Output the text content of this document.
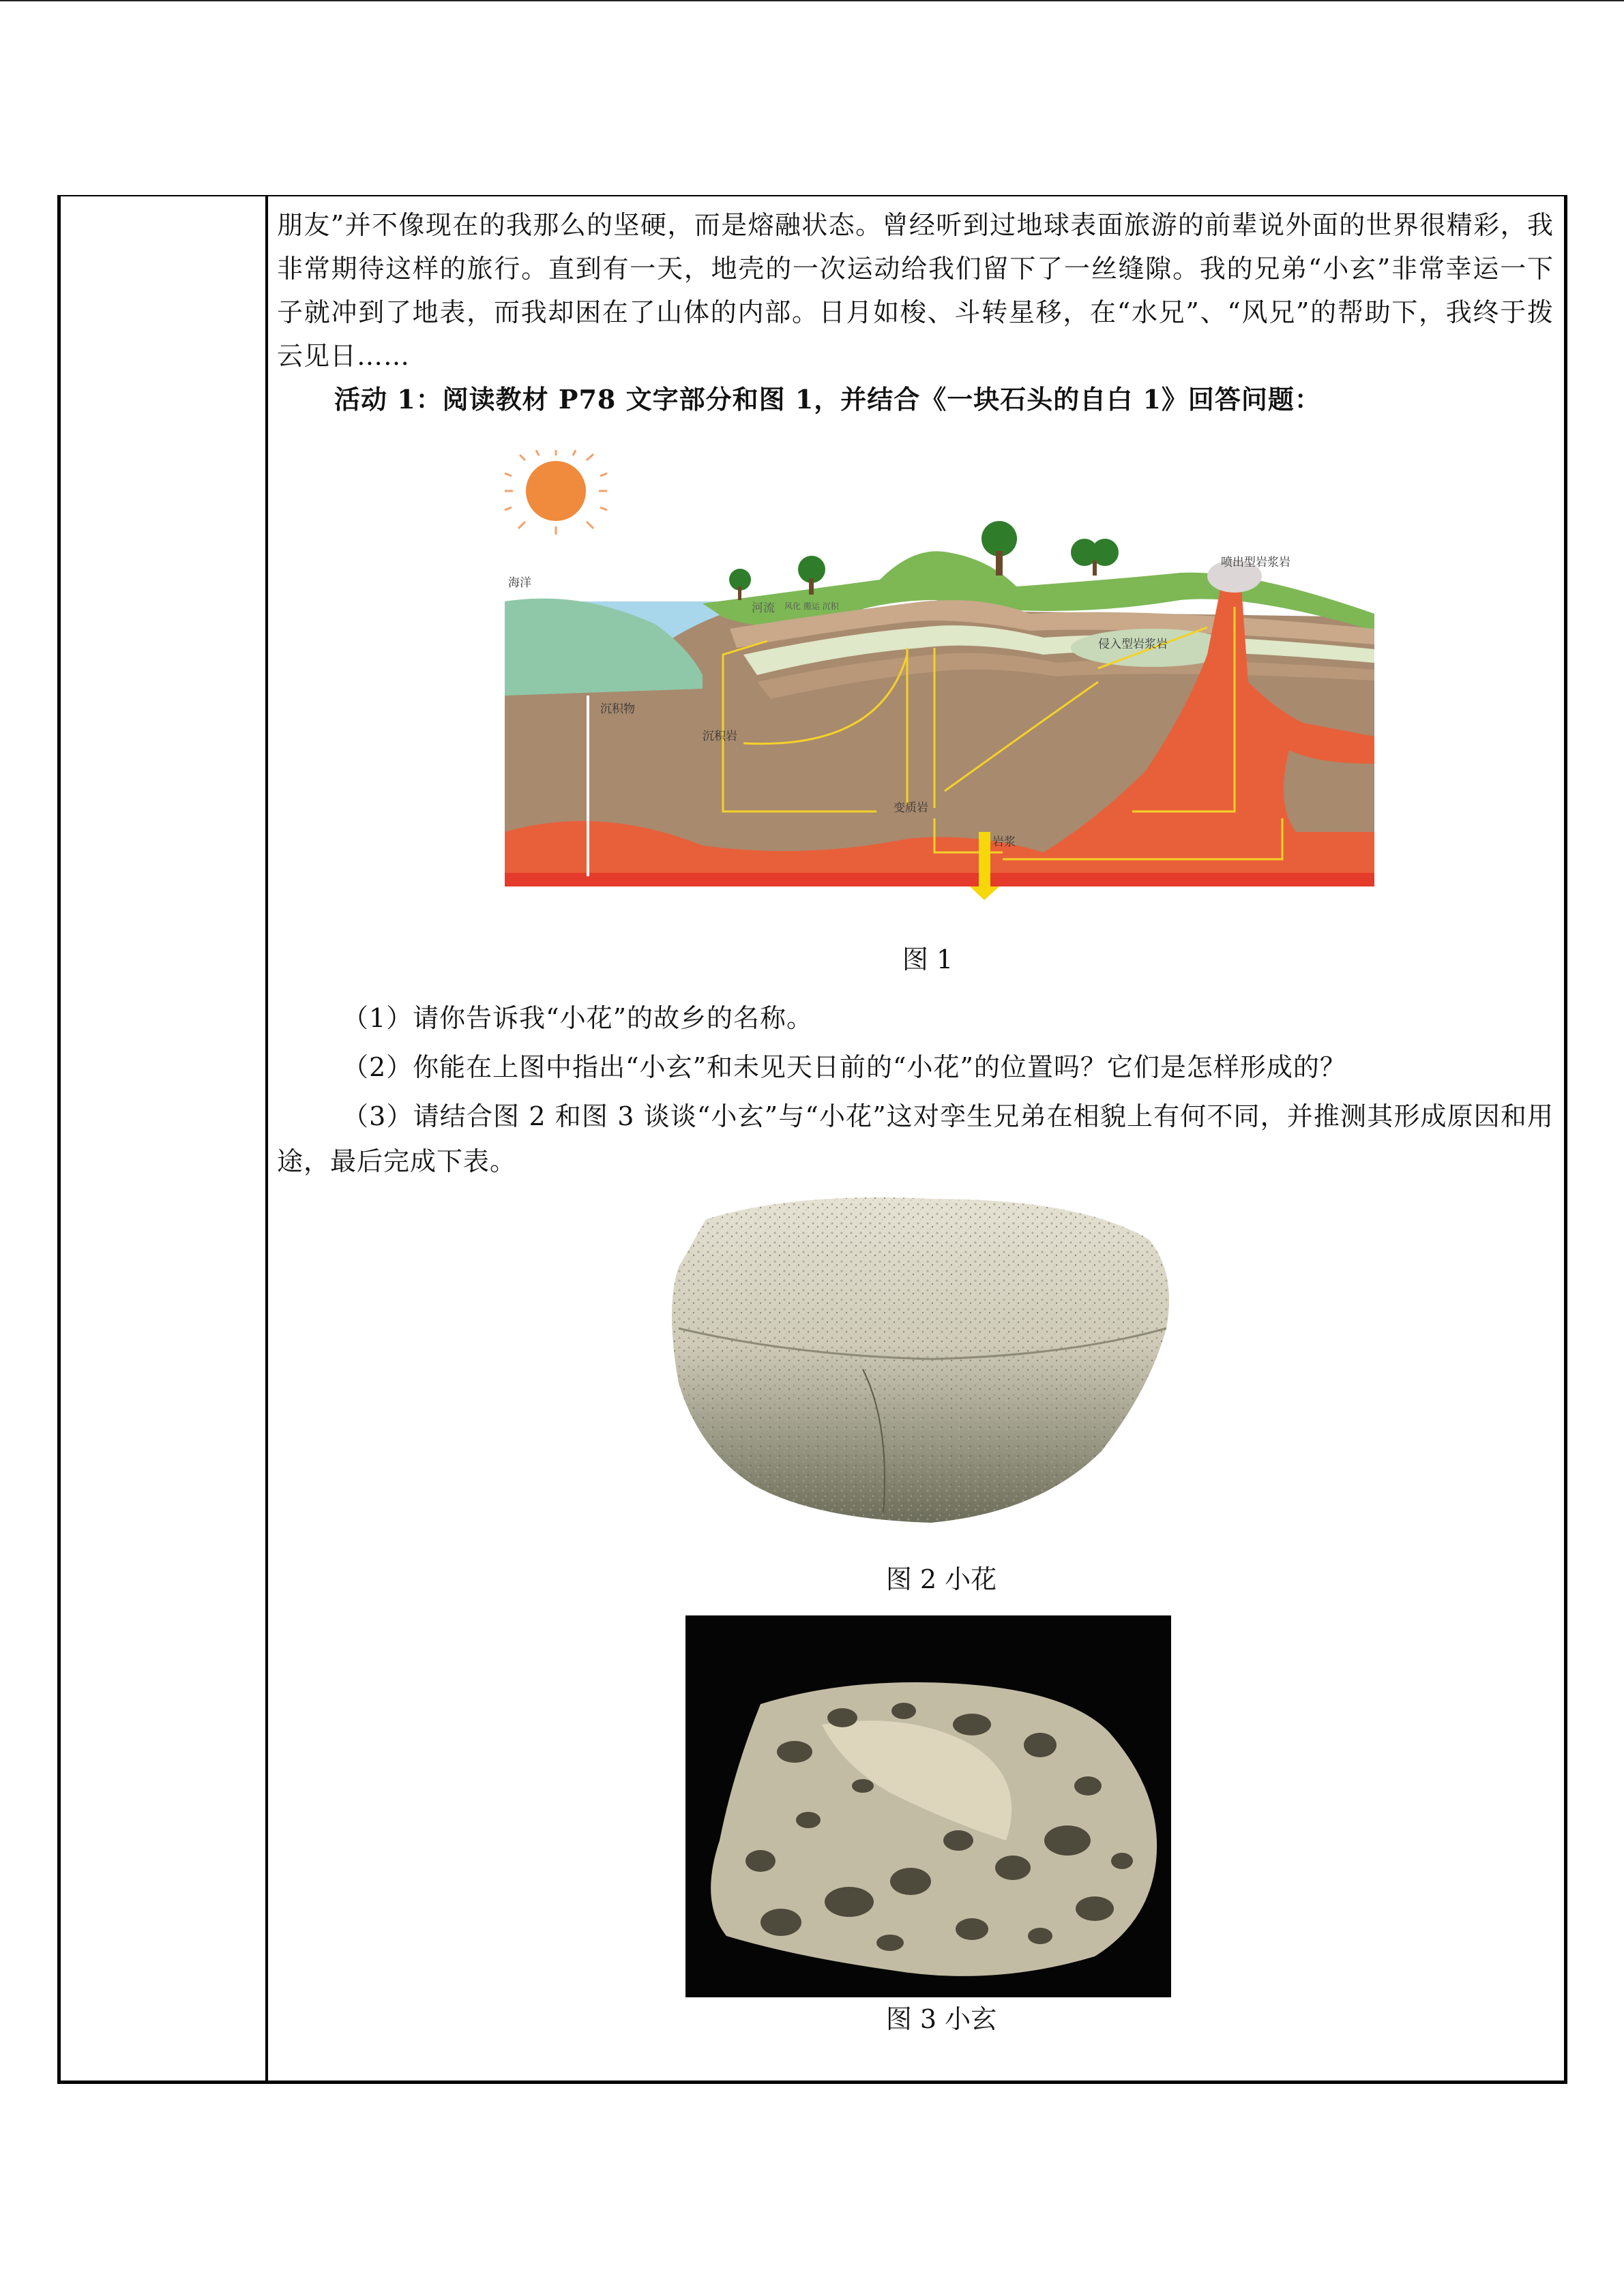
朋友”并不像现在的我那么的坚硬，而是熔融状态。曾经听到过地球表面旅游的前辈说外面的世界很精彩，我非常期待这样的旅行。直到有一天，地壳的一次运动给我们留下了一丝缝隙。我的兄弟“小玄”非常幸运一下子就冲到了地表，而我却困在了山体的内部。日月如梭、斗转星移，在“水兄”、“风兄”的帮助下，我终于拨云见日……

活动 1：阅读教材 P78 文字部分和图 1，并结合《一块石头的自白 1》回答问题：

海洋
河流 风化 搬运 沉积
沉积物
沉积岩
变质岩
岩浆
侵入型岩浆岩
喷出型岩浆岩
图 1

（1）请你告诉我“小花”的故乡的名称。

（2）你能在上图中指出“小玄”和未见天日前的“小花”的位置吗？它们是怎样形成的？

（3）请结合图 2 和图 3 谈谈“小玄”与“小花”这对孪生兄弟在相貌上有何不同，并推测其形成原因和用途，最后完成下表。

图 2 小花
图 3 小玄
